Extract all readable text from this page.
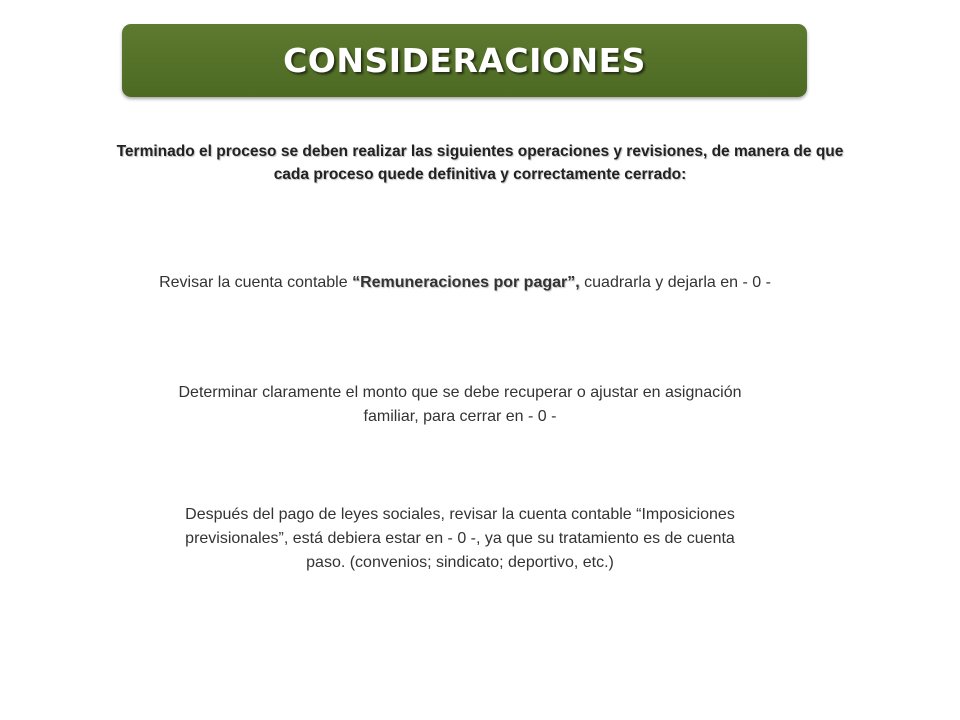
CONSIDERACIONES
Terminado el proceso se deben realizar las siguientes operaciones y revisiones, de manera de que
cada proceso quede definitiva y correctamente cerrado:
Revisar la cuenta contable “Remuneraciones por pagar”, cuadrarla y dejarla en - 0 -
Determinar claramente el monto que se debe recuperar o ajustar en asignación
familiar, para cerrar en - 0 -
Después del pago de leyes sociales, revisar la cuenta contable “Imposiciones
previsionales”, está debiera estar en - 0 -, ya que su tratamiento es de cuenta
paso. (convenios; sindicato; deportivo, etc.)
